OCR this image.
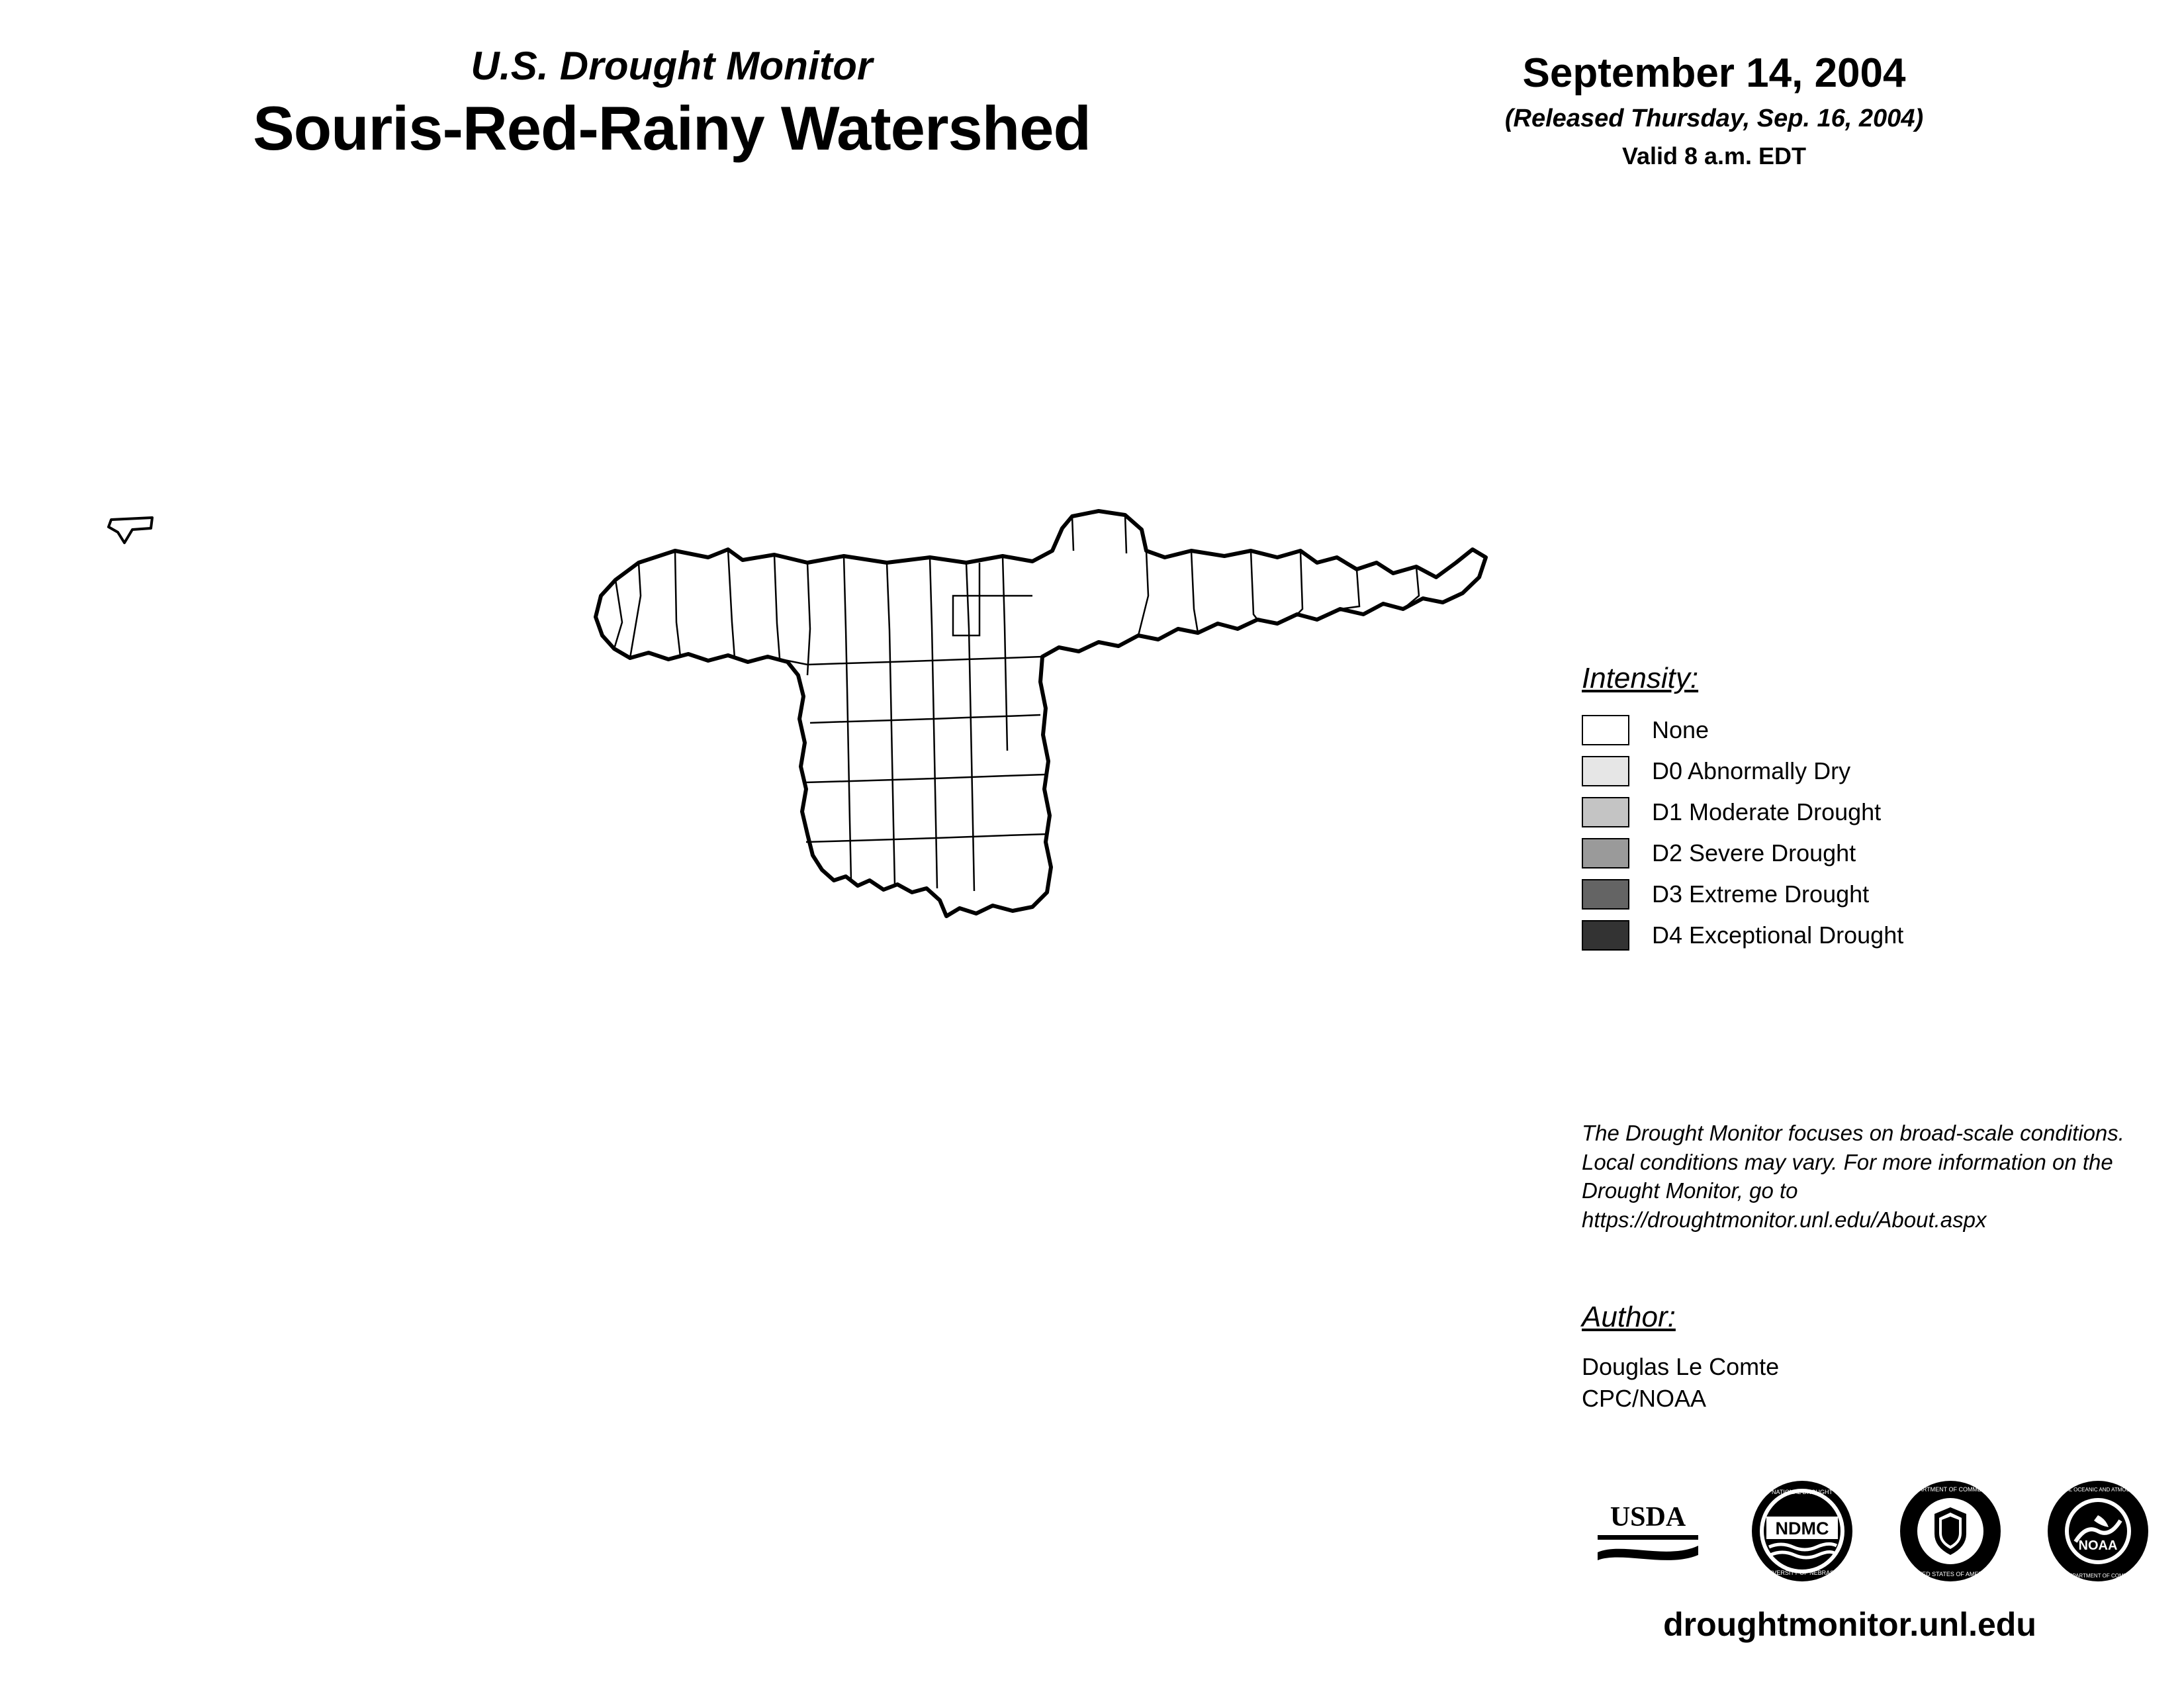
U.S. Drought Monitor
Souris-Red-Rainy Watershed
September 14, 2004
(Released Thursday, Sep. 16, 2004)
Valid 8 a.m. EDT
Intensity:
None
D0 Abnormally Dry
D1 Moderate Drought
D2 Severe Drought
D3 Extreme Drought
D4 Exceptional Drought
The Drought Monitor focuses on broad-scale conditions. Local conditions may vary. For more information on the Drought Monitor, go to https://droughtmonitor.unl.edu/About.aspx
Author:
Douglas Le Comte
CPC/NOAA
USDA	NDMC
NATIONAL DROUGHT
UNIVERSITY OF NEBRASKA
DEPARTMENT OF COMMERCE
UNITED STATES OF AMERICA
NOAA
NATIONAL OCEANIC AND ATMOSPHERIC
U.S. DEPARTMENT OF COMMERCE
droughtmonitor.unl.edu
